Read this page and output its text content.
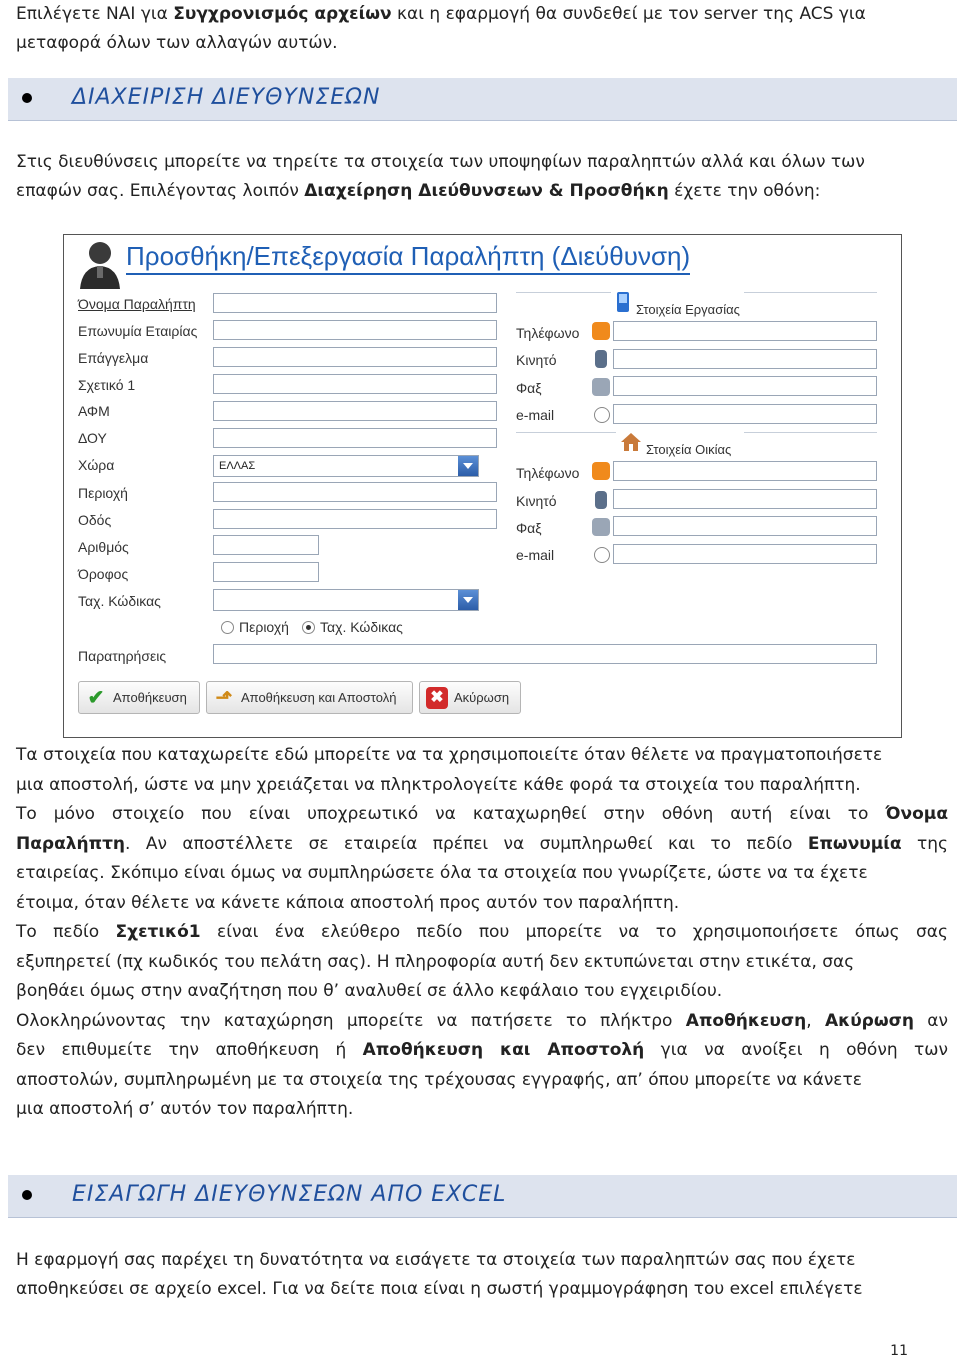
Επιλέγετε ΝΑΙ για Συγχρονισμός αρχείων και η εφαρμογή θα συνδεθεί με τον server της ACS για
μεταφορά όλων των αλλαγών αυτών.
ΔΙΑΧΕΙΡΙΣΗ ΔΙΕΥΘΥΝΣΕΩΝ
Στις διευθύνσεις μπορείτε να τηρείτε τα στοιχεία των υποψηφίων παραληπτών αλλά και όλων των
επαφών σας. Επιλέγοντας λοιπόν Διαχείρηση Διεύθυνσεων & Προσθήκη έχετε την οθόνη:
Προσθήκη/Επεξεργασία Παραλήπτη (Διεύθυνση)
Όνομα Παραλήπτη
Επωνυμία Εταιρίας
Επάγγελμα
Σχετικό 1
ΑΦΜ
ΔΟΥ
Χώρα
Περιοχή
Οδός
Αριθμός
Όροφος
Ταχ. Κώδικας
Παρατηρήσεις
ΕΛΛΑΣ
Περιοχή Ταχ. Κώδικας
Στοιχεία Εργασίας
Τηλέφωνο
Κινητό
Φαξ
e-mail
Στοιχεία Οικίας
Τηλέφωνο
Κινητό
Φαξ
e-mail
✔ Αποθήκευση ⬏ Αποθήκευση και Αποστολή ✖ Ακύρωση
Τα στοιχεία που καταχωρείτε εδώ μπορείτε να τα χρησιμοποιείτε όταν θέλετε να πραγματοποιήσετε
μια αποστολή, ώστε να μην χρειάζεται να πληκτρολογείτε κάθε φορά τα στοιχεία του παραλήπτη.
Το μόνο στοιχείο που είναι υποχρεωτικό να καταχωρηθεί στην οθόνη αυτή είναι το Όνομα
Παραλήπτη. Αν αποστέλλετε σε εταιρεία πρέπει να συμπληρωθεί και το πεδίο Επωνυμία της
εταιρείας. Σκόπιμο είναι όμως να συμπληρώσετε όλα τα στοιχεία που γνωρίζετε, ώστε να τα έχετε
έτοιμα, όταν θέλετε να κάνετε κάποια αποστολή προς αυτόν τον παραλήπτη.
Το πεδίο Σχετικό1 είναι ένα ελεύθερο πεδίο που μπορείτε να το χρησιμοποιήσετε όπως σας
εξυπηρετεί (πχ κωδικός του πελάτη σας). Η πληροφορία αυτή δεν εκτυπώνεται στην ετικέτα, σας
βοηθάει όμως στην αναζήτηση που θ’ αναλυθεί σε άλλο κεφάλαιο του εγχειριδίου.
Ολοκληρώνοντας την καταχώρηση μπορείτε να πατήσετε το πλήκτρο Αποθήκευση, Ακύρωση αν
δεν επιθυμείτε την αποθήκευση ή Αποθήκευση και Αποστολή για να ανοίξει η οθόνη των
αποστολών, συμπληρωμένη με τα στοιχεία της τρέχουσας εγγραφής, απ’ όπου μπορείτε να κάνετε
μια αποστολή σ’ αυτόν τον παραλήπτη.
ΕΙΣΑΓΩΓΗ ΔΙΕΥΘΥΝΣΕΩΝ ΑΠΟ EXCEL
Η εφαρμογή σας παρέχει τη δυνατότητα να εισάγετε τα στοιχεία των παραληπτών σας που έχετε
αποθηκεύσει σε αρχείο excel. Για να δείτε ποια είναι η σωστή γραμμογράφηση του excel επιλέγετε
11
